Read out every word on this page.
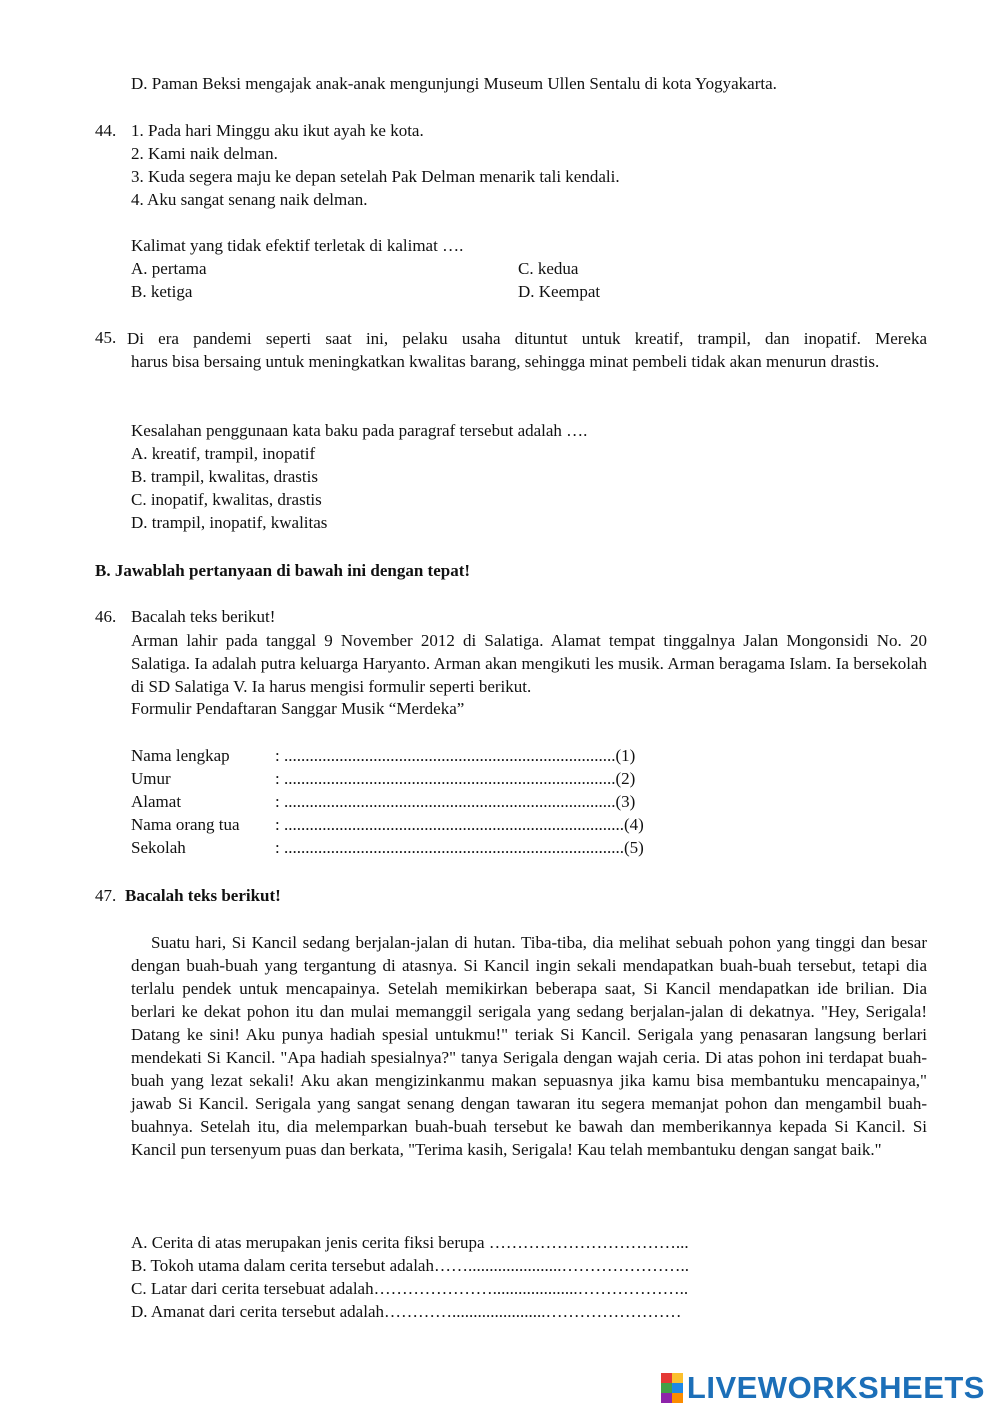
D. Paman Beksi mengajak anak-anak mengunjungi Museum Ullen Sentalu di kota Yogyakarta.
44. 1. Pada hari Minggu aku ikut ayah ke kota.
2. Kami naik delman.
3. Kuda segera maju ke depan setelah Pak Delman menarik tali kendali.
4. Aku sangat senang naik delman.
Kalimat yang tidak efektif terletak di kalimat ….
A. pertama	C. kedua
B. ketiga	D. Keempat
45. Di era pandemi seperti saat ini, pelaku usaha dituntut untuk kreatif, trampil, dan inopatif. Mereka
harus bisa bersaing untuk meningkatkan kwalitas barang, sehingga minat pembeli tidak akan menurun drastis.
Kesalahan penggunaan kata baku pada paragraf tersebut adalah ….
A. kreatif, trampil, inopatif
B. trampil, kwalitas, drastis
C. inopatif, kwalitas, drastis
D. trampil, inopatif, kwalitas
B. Jawablah pertanyaan di bawah ini dengan tepat!
46. Bacalah teks berikut!
Arman lahir pada tanggal 9 November 2012 di Salatiga. Alamat tempat tinggalnya Jalan Mongonsidi No. 20 Salatiga. Ia adalah putra keluarga Haryanto. Arman akan mengikuti les musik. Arman beragama Islam. Ia bersekolah di SD Salatiga V. Ia harus mengisi formulir seperti berikut.
Formulir Pendaftaran Sanggar Musik “Merdeka”
Nama lengkap	: ..............................................................................(1)
Umur	: ..............................................................................(2)
Alamat	: ..............................................................................(3)
Nama orang tua : ................................................................................(4)
Sekolah	: ................................................................................(5)
47. Bacalah teks berikut!
Suatu hari, Si Kancil sedang berjalan-jalan di hutan. Tiba-tiba, dia melihat sebuah pohon yang tinggi dan besar dengan buah-buah yang tergantung di atasnya. Si Kancil ingin sekali mendapatkan buah-buah tersebut, tetapi dia terlalu pendek untuk mencapainya. Setelah memikirkan beberapa saat, Si Kancil mendapatkan ide brilian. Dia berlari ke dekat pohon itu dan mulai memanggil serigala yang sedang berjalan-jalan di dekatnya. "Hey, Serigala! Datang ke sini! Aku punya hadiah spesial untukmu!" teriak Si Kancil. Serigala yang penasaran langsung berlari mendekati Si Kancil. "Apa hadiah spesialnya?" tanya Serigala dengan wajah ceria. Di atas pohon ini terdapat buah-buah yang lezat sekali! Aku akan mengizinkanmu makan sepuasnya jika kamu bisa membantuku mencapainya," jawab Si Kancil. Serigala yang sangat senang dengan tawaran itu segera memanjat pohon dan mengambil buah-buahnya. Setelah itu, dia melemparkan buah-buah tersebut ke bawah dan memberikannya kepada Si Kancil. Si Kancil pun tersenyum puas dan berkata, "Terima kasih, Serigala! Kau telah membantuku dengan sangat baik."
A. Cerita di atas merupakan jenis cerita fiksi berupa ……………………………...
B. Tokoh utama dalam cerita tersebut adalah……......................…………………..
C. Latar dari cerita tersebuat adalah…………………....................………………..
D. Amanat dari cerita tersebut adalah…………......................……………………
LIVEWORKSHEETS
